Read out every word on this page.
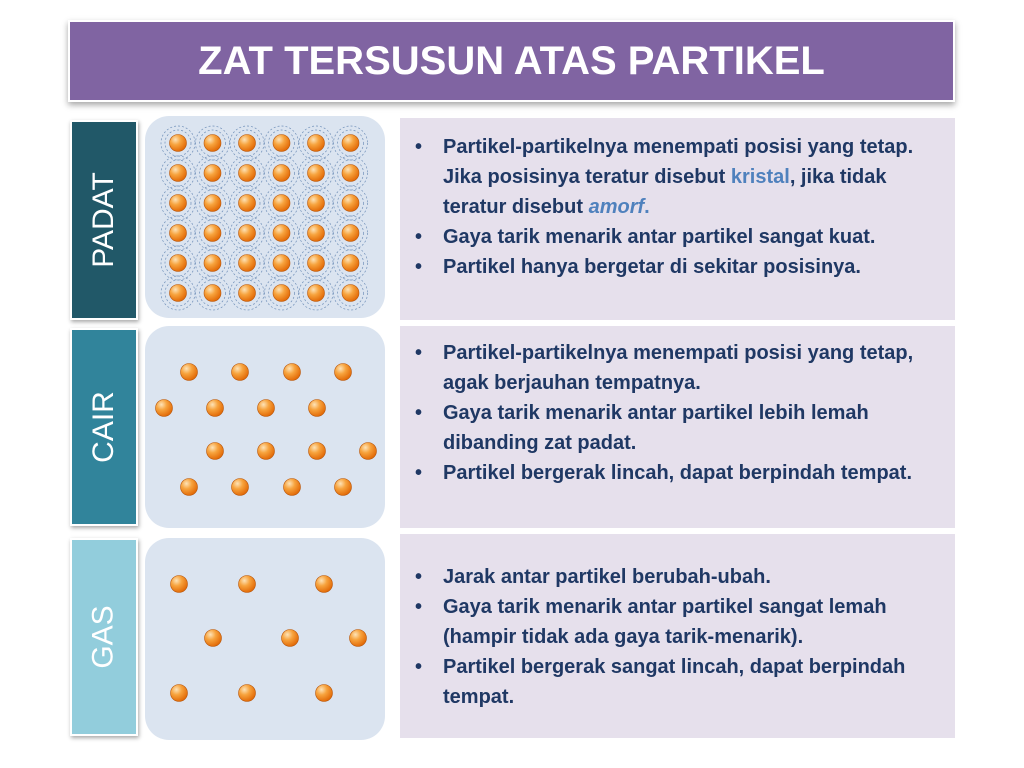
ZAT TERSUSUN ATAS PARTIKEL
PADAT
• Partikel-partikelnya menempati posisi yang tetap. Jika posisinya teratur disebut kristal, jika tidak teratur disebut amorf.
• Gaya tarik menarik antar partikel sangat kuat.
• Partikel hanya bergetar di sekitar posisinya.
CAIR
• Partikel-partikelnya menempati posisi yang tetap, agak berjauhan tempatnya.
• Gaya tarik menarik antar partikel lebih lemah dibanding zat padat.
• Partikel bergerak lincah, dapat berpindah tempat.
GAS
• Jarak antar partikel berubah-ubah.
• Gaya tarik menarik antar partikel sangat lemah (hampir tidak ada gaya tarik-menarik).
• Partikel bergerak sangat lincah, dapat berpindah tempat.
